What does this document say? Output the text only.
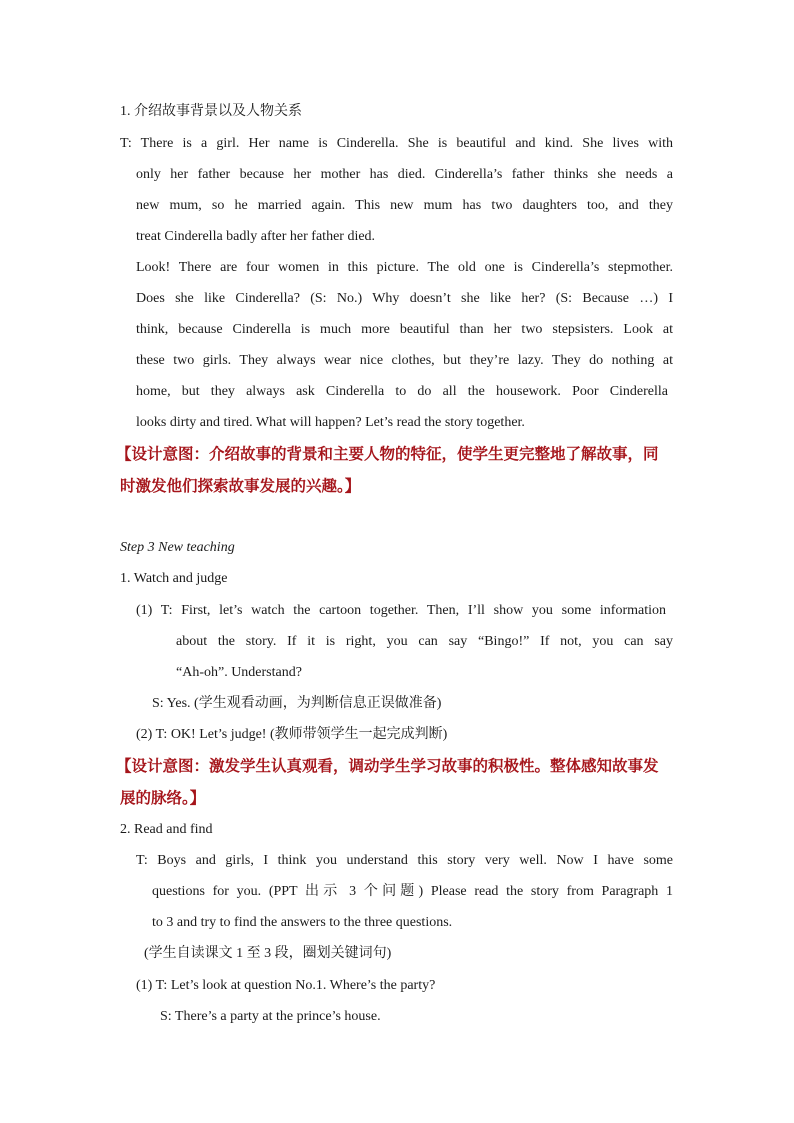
1. 介绍故事背景以及人物关系
T: There is a girl. Her name is Cinderella. She is beautiful and kind. She lives with
only her father because her mother has died. Cinderella’s father thinks she needs a
new mum, so he married again. This new mum has two daughters too, and they
treat Cinderella badly after her father died.
Look! There are four women in this picture. The old one is Cinderella’s stepmother.
Does she like Cinderella? (S: No.) Why doesn’t she like her? (S: Because …) I
think, because Cinderella is much more beautiful than her two stepsisters. Look at
these two girls. They always wear nice clothes, but they’re lazy. They do nothing at
home, but they always ask Cinderella to do all the housework. Poor Cinderella
looks dirty and tired. What will happen? Let’s read the story together.
【设计意图：介绍故事的背景和主要人物的特征，使学生更完整地了解故事，同
时激发他们探索故事发展的兴趣。】
Step 3 New teaching
1. Watch and judge
(1) T: First, let’s watch the cartoon together. Then, I’ll show you some information
about the story. If it is right, you can say “Bingo!” If not, you can say
“Ah-oh”. Understand?
S: Yes. (学生观看动画，为判断信息正误做准备)
(2) T: OK! Let’s judge! (教师带领学生一起完成判断)
【设计意图：激发学生认真观看，调动学生学习故事的积极性。整体感知故事发
展的脉络。】
2. Read and find
T: Boys and girls, I think you understand this story very well. Now I have some
questions for you. (PPT 出示 3 个问题) Please read the story from Paragraph 1
to 3 and try to find the answers to the three questions.
(学生自读课文 1 至 3 段，圈划关键词句)
(1) T: Let’s look at question No.1. Where’s the party?
S: There’s a party at the prince’s house.
